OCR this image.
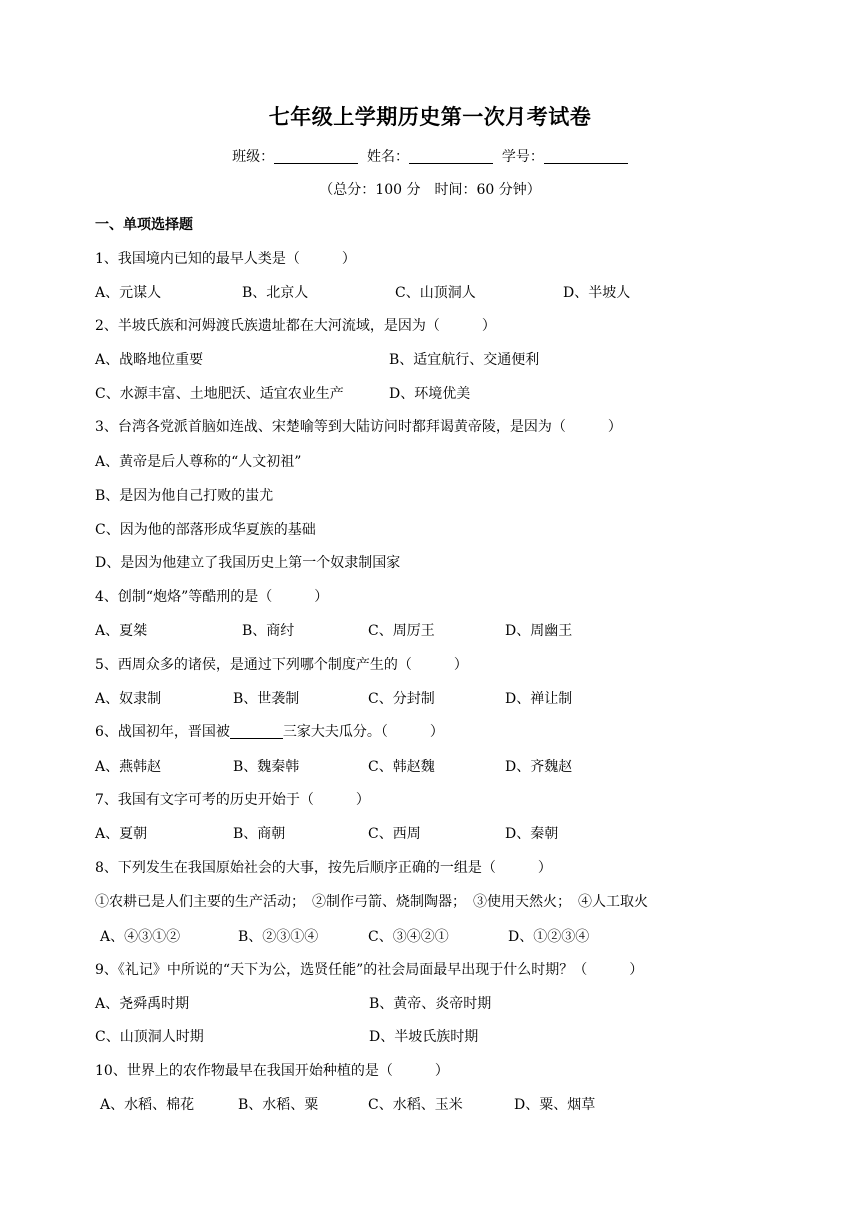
七年级上学期历史第一次月考试卷
班级：	姓名：	学号：
（总分：100 分　时间：60 分钟）
一、单项选择题
1、我国境内已知的最早人类是（　　　）
A、元谋人	B、北京人	C、山顶洞人	D、半坡人
2、半坡氏族和河姆渡氏族遗址都在大河流域，是因为（　　　）
A、战略地位重要	B、适宜航行、交通便利
C、水源丰富、土地肥沃、适宜农业生产	D、环境优美
3、台湾各党派首脑如连战、宋楚喻等到大陆访问时都拜谒黄帝陵，是因为（　　　）
A、黄帝是后人尊称的“人文初祖”
B、是因为他自己打败的蚩尤
C、因为他的部落形成华夏族的基础
D、是因为他建立了我国历史上第一个奴隶制国家
4、创制“炮烙”等酷刑的是（　　　）
A、夏桀	B、商纣	C、周厉王	D、周幽王
5、西周众多的诸侯，是通过下列哪个制度产生的（　　　）
A、奴隶制	B、世袭制	C、分封制	D、禅让制
6、战国初年，晋国被	三家大夫瓜分。（　　　）
A、燕韩赵	B、魏秦韩	C、韩赵魏	D、齐魏赵
7、我国有文字可考的历史开始于（　　　）
A、夏朝	B、商朝	C、西周	D、秦朝
8、下列发生在我国原始社会的大事，按先后顺序正确的一组是（　　　）
①农耕已是人们主要的生产活动；　②制作弓箭、烧制陶器；　③使用天然火；　④人工取火
A、④③①②	B、②③①④	C、③④②①	D、①②③④
9、《礼记》中所说的“天下为公，选贤任能”的社会局面最早出现于什么时期？（　　　）
A、尧舜禹时期	B、黄帝、炎帝时期
C、山顶洞人时期	D、半坡氏族时期
10、世界上的农作物最早在我国开始种植的是（　　　）
A、水稻、棉花	B、水稻、粟	C、水稻、玉米	D、粟、烟草
